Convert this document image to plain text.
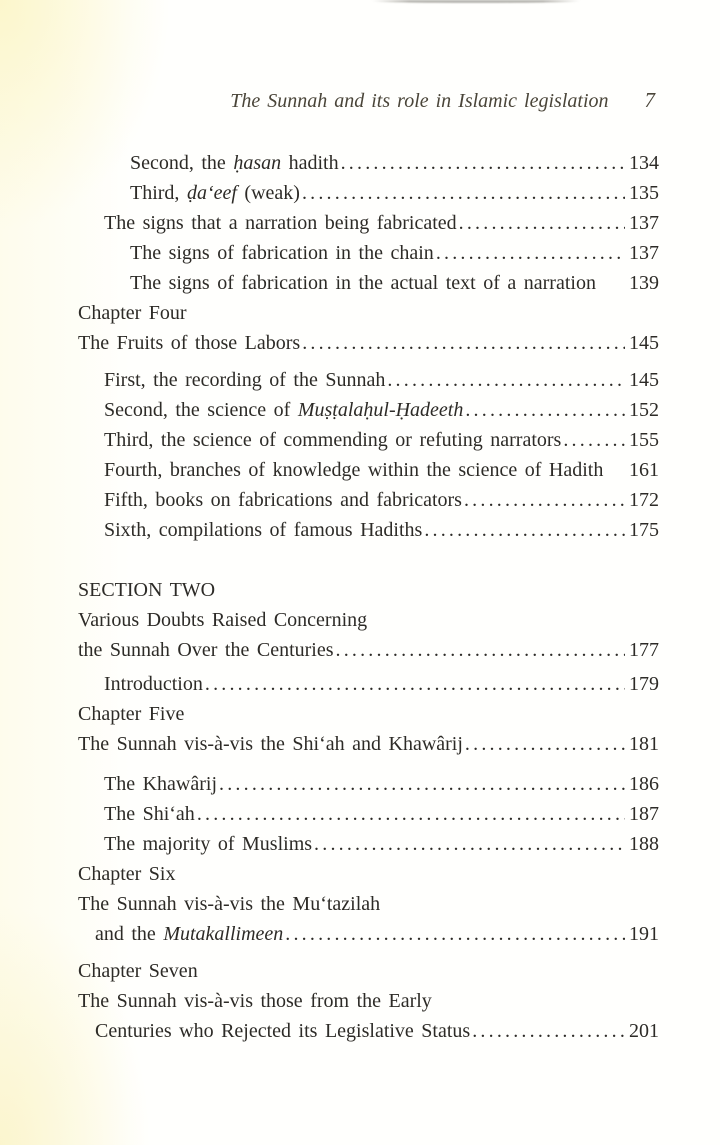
The Sunnah and its role in Islamic legislation 7
Second, the ḥasan hadith .....	134
Third, ḍa‘eef (weak) .....	135
The signs that a narration being fabricated .....	137
The signs of fabrication in the chain .....	137
The signs of fabrication in the actual text of a narration 139
Chapter Four
The Fruits of those Labors .....	145
First, the recording of the Sunnah .....	145
Second, the science of Muṣṭalaḥul-Ḥadeeth .....	152
Third, the science of commending or refuting narrators .....	155
Fourth, branches of knowledge within the science of Hadith 161
Fifth, books on fabrications and fabricators .....	172
Sixth, compilations of famous Hadiths .....	175
SECTION TWO
Various Doubts Raised Concerning
the Sunnah Over the Centuries .....	177
Introduction .....	179
Chapter Five
The Sunnah vis-à-vis the Shi‘ah and Khawârij .....	181
The Khawârij .....	186
The Shi‘ah .....	187
The majority of Muslims .....	188
Chapter Six
The Sunnah vis-à-vis the Mu‘tazilah
and the Mutakallimeen .....	191
Chapter Seven
The Sunnah vis-à-vis those from the Early
Centuries who Rejected its Legislative Status .....	201
